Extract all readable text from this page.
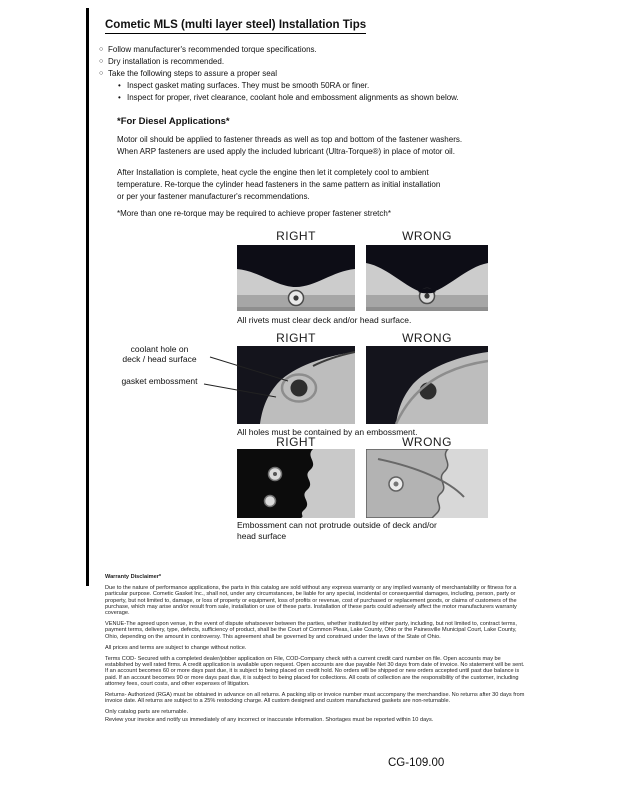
Cometic MLS (multi layer steel) Installation Tips
○ Follow manufacturer's recommended torque specifications.
○ Dry installation is recommended.
○ Take the following steps to assure a proper seal
• Inspect gasket mating surfaces. They must be smooth 50RA or finer.
• Inspect for proper, rivet clearance, coolant hole and embossment alignments as shown below.
*For Diesel Applications*
Motor oil should be applied to fastener threads as well as top and bottom of the fastener washers.
When ARP fasteners are used apply the included lubricant (Ultra-Torque®) in place of motor oil.
After Installation is complete, heat cycle the engine then let it completely cool to ambient
temperature. Re-torque the cylinder head fasteners in the same pattern as initial installation
or per your fastener manufacturer's recommendations.
*More than one re-torque may be required to achieve proper fastener stretch*
RIGHT	WRONG
All rivets must clear deck and/or head surface.
RIGHT	WRONG
coolant hole on
deck / head surface
gasket embossment
All holes must be contained by an embossment.
RIGHT	WRONG
Embossment can not protrude outside of deck and/or head surface
Warranty Disclaimer*

Due to the nature of performance applications, the parts in this catalog are sold without any express warranty or any implied warranty of merchantability or fitness for a particular purpose. Cometic Gasket Inc., shall not, under any circumstances, be liable for any special, incidental or consequential damages, including, person, party or property, but not limited to, damage, or loss of property or equipment, loss of profits or revenue, cost of purchased or replacement goods, or claims of customers of the purchase, which may arise and/or result from sale, installation or use of these parts. Installation of these parts could adversely affect the motor manufacturers warranty coverage.

VENUE-The agreed upon venue, in the event of dispute whatsoever between the parties, whether instituted by either party, including, but not limited to, contract terms, payment terms, delivery, type, defects, sufficiency of product, shall be the Court of Common Pleas, Lake County, Ohio or the Painesville Municipal Court, Lake County, Ohio, depending on the amount in controversy. This agreement shall be governed by and construed under the laws of the State of Ohio.

All prices and terms are subject to change without notice.

Terms COD- Secured with a completed dealer/jobber application on File, COD-Company check with a current credit card number on file. Open accounts may be established by well rated firms. A credit application is available upon request. Open accounts are due payable Net 30 days from date of invoice. No statement will be sent. If an account becomes 60 or more days past due, it is subject to being placed on credit hold. No orders will be shipped or new orders accepted until past due balance is paid. If an account becomes 90 or more days past due, it is subject to being placed for collections. All costs of collection are the responsibility of the customer, including attorney fees, court costs, and other expenses of litigation.

Returns- Authorized (RGA) must be obtained in advance on all returns. A packing slip or invoice number must accompany the merchandise. No returns after 30 days from invoice date. All returns are subject to a 25% restocking charge. All custom designed and custom manufactured gaskets are non-returnable.

Only catalog parts are returnable.

Review your invoice and notify us immediately of any incorrect or inaccurate information. Shortages must be reported within 10 days.

CG-109.00
